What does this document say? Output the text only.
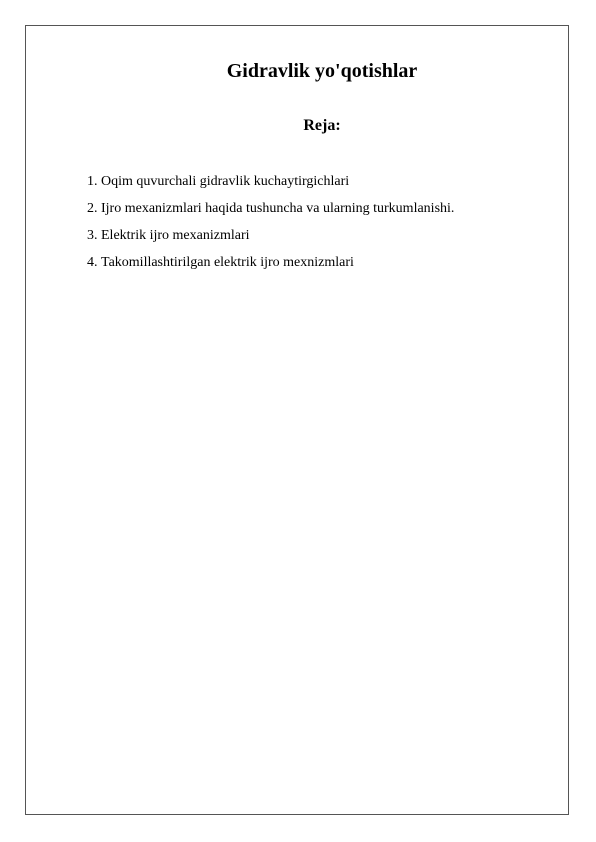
Gidravlik yo'qotishlar
Reja:
1. Oqim quvurchali gidravlik kuchaytirgichlari
2. Ijro mexanizmlari haqida tushuncha va ularning turkumlanishi.
3. Elektrik ijro mexanizmlari
4. Takomillashtirilgan elektrik ijro mexnizmlari
